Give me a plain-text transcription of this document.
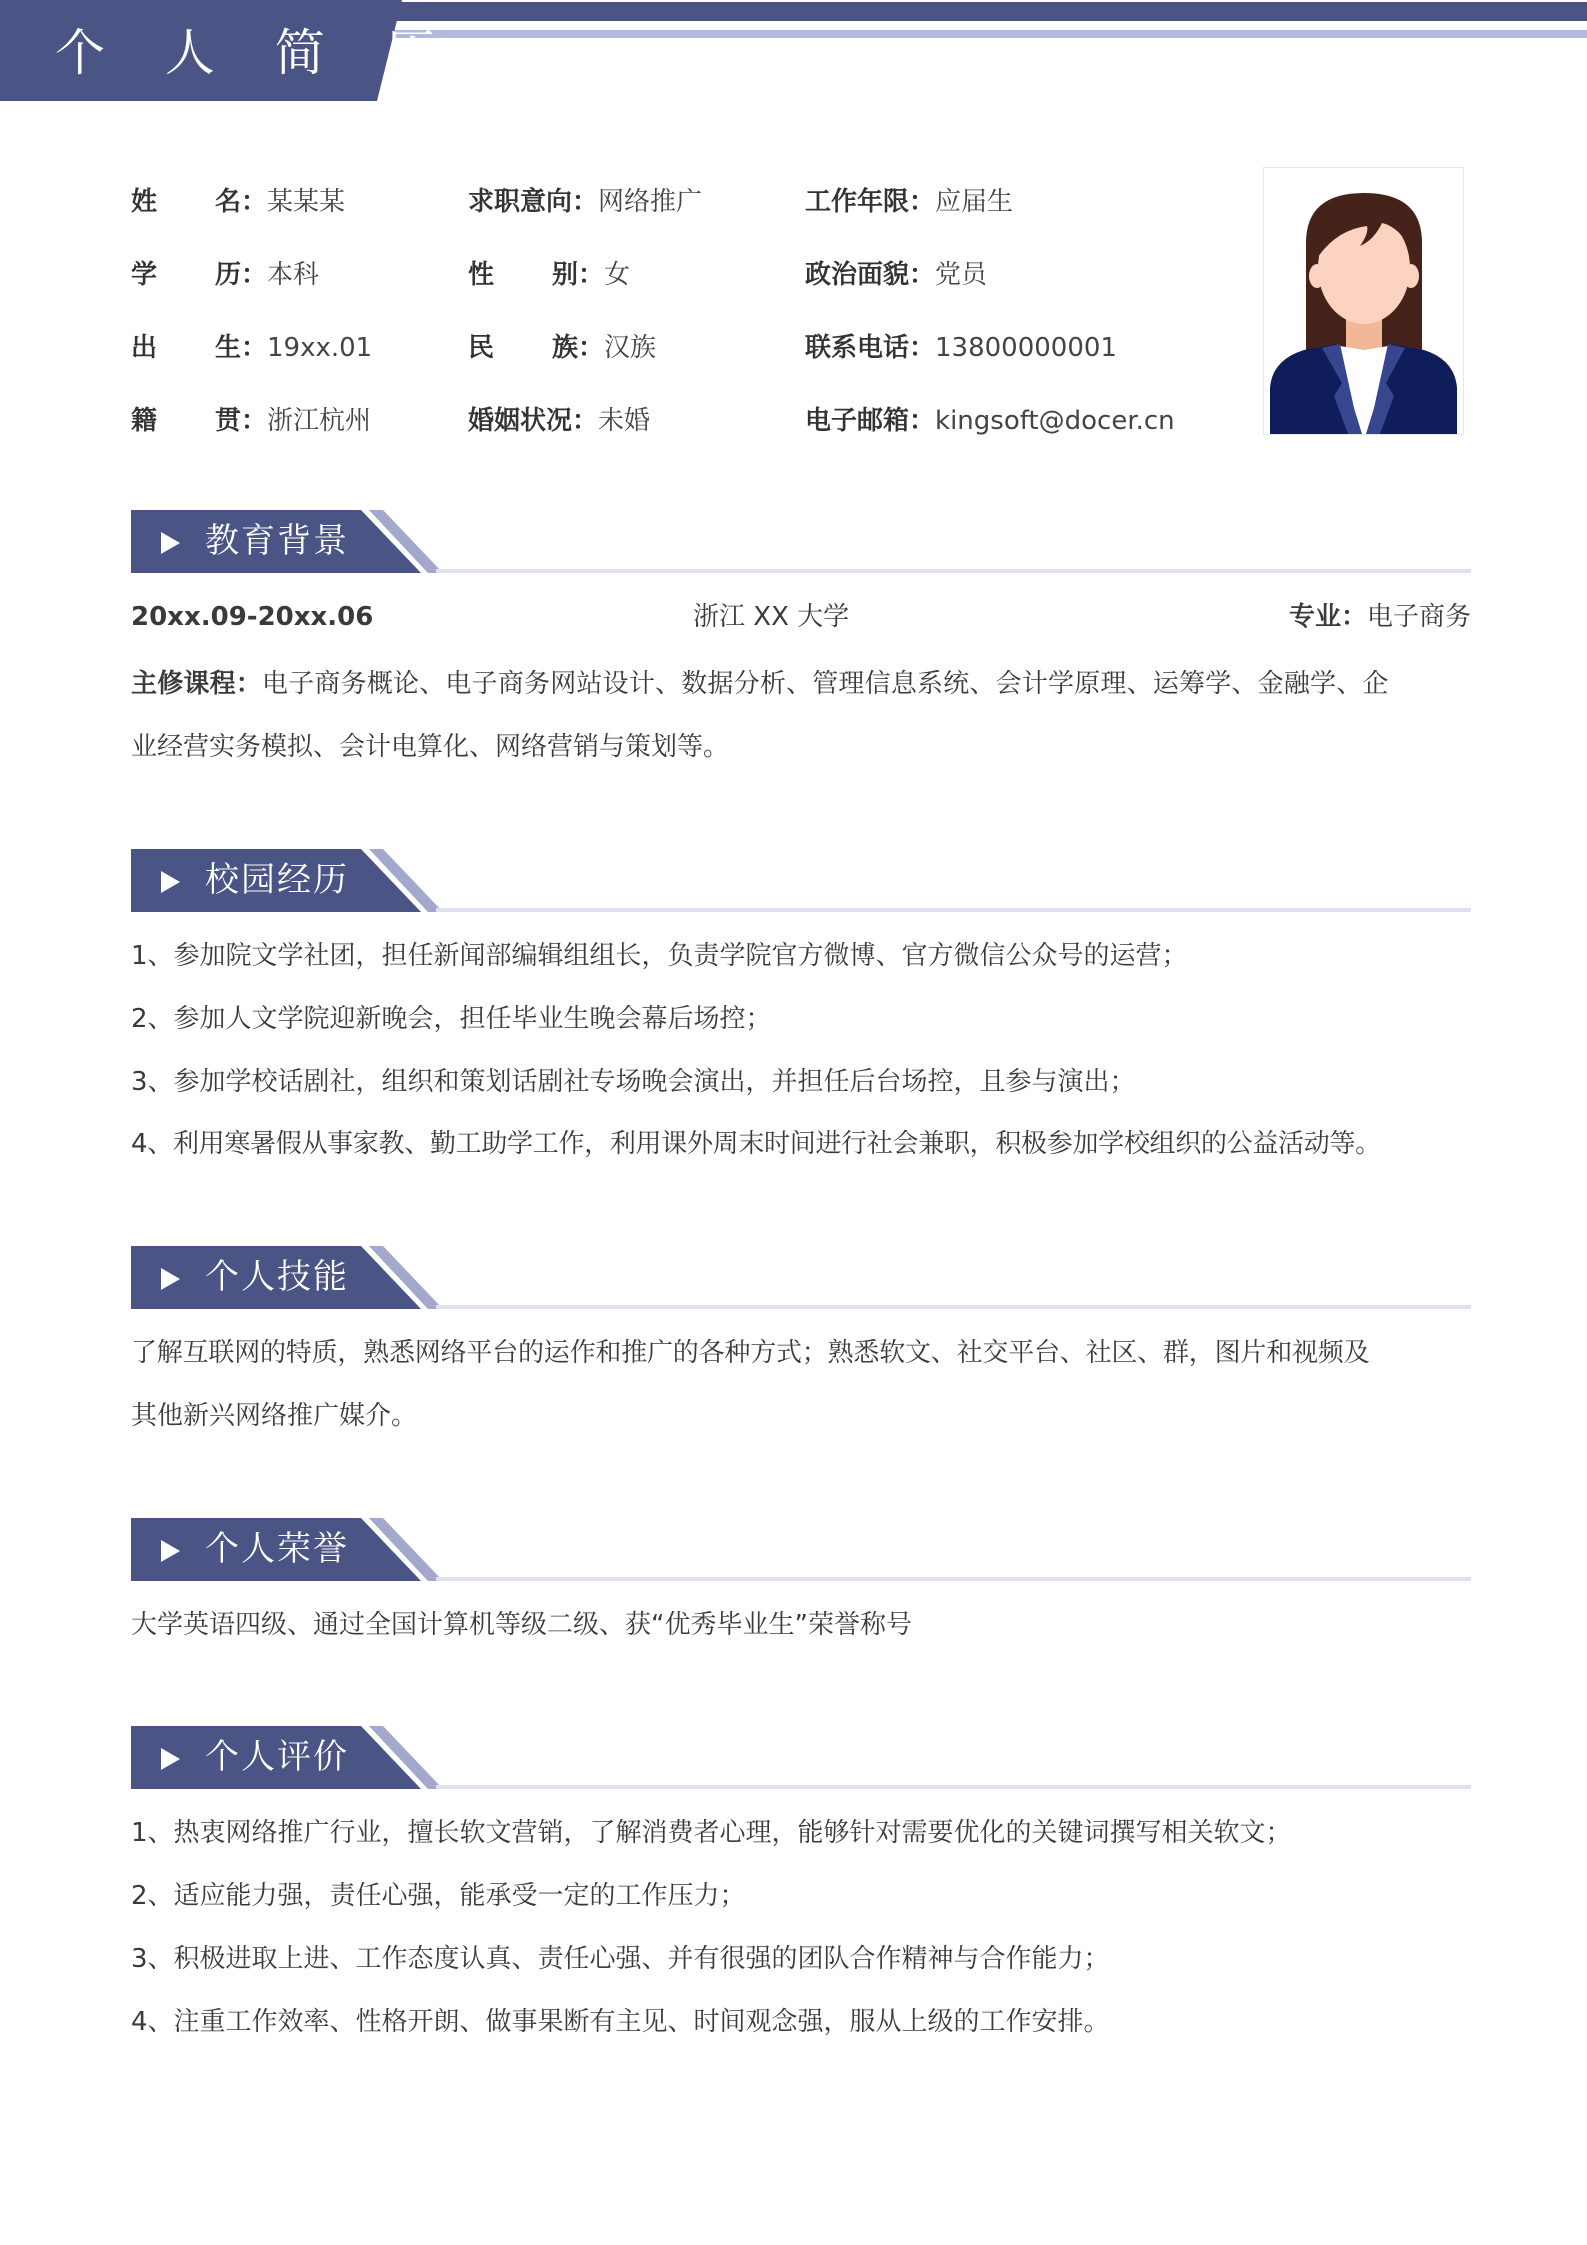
个 人 简 历
姓 名：某某某	求职意向：网络推广	工作年限：应届生
学 历：本科	性 别：女	政治面貌：党员
出 生：19xx.01	民 族：汉族	联系电话：13800000001
籍 贯：浙江杭州	婚姻状况：未婚	电子邮箱：kingsoft@docer.cn
教育背景
20xx.09-20xx.06	浙江 XX 大学	专业：电子商务
主修课程：电子商务概论、电子商务网站设计、数据分析、管理信息系统、会计学原理、运筹学、金融学、企
业经营实务模拟、会计电算化、网络营销与策划等。
校园经历
1、参加院文学社团，担任新闻部编辑组组长，负责学院官方微博、官方微信公众号的运营；
2、参加人文学院迎新晚会，担任毕业生晚会幕后场控；
3、参加学校话剧社，组织和策划话剧社专场晚会演出，并担任后台场控，且参与演出；
4、利用寒暑假从事家教、勤工助学工作，利用课外周末时间进行社会兼职，积极参加学校组织的公益活动等。
个人技能
了解互联网的特质，熟悉网络平台的运作和推广的各种方式；熟悉软文、社交平台、社区、群，图片和视频及
其他新兴网络推广媒介。
个人荣誉
大学英语四级、通过全国计算机等级二级、获“优秀毕业生”荣誉称号
个人评价
1、热衷网络推广行业，擅长软文营销，了解消费者心理，能够针对需要优化的关键词撰写相关软文；
2、适应能力强，责任心强，能承受一定的工作压力；
3、积极进取上进、工作态度认真、责任心强、并有很强的团队合作精神与合作能力；
4、注重工作效率、性格开朗、做事果断有主见、时间观念强，服从上级的工作安排。
